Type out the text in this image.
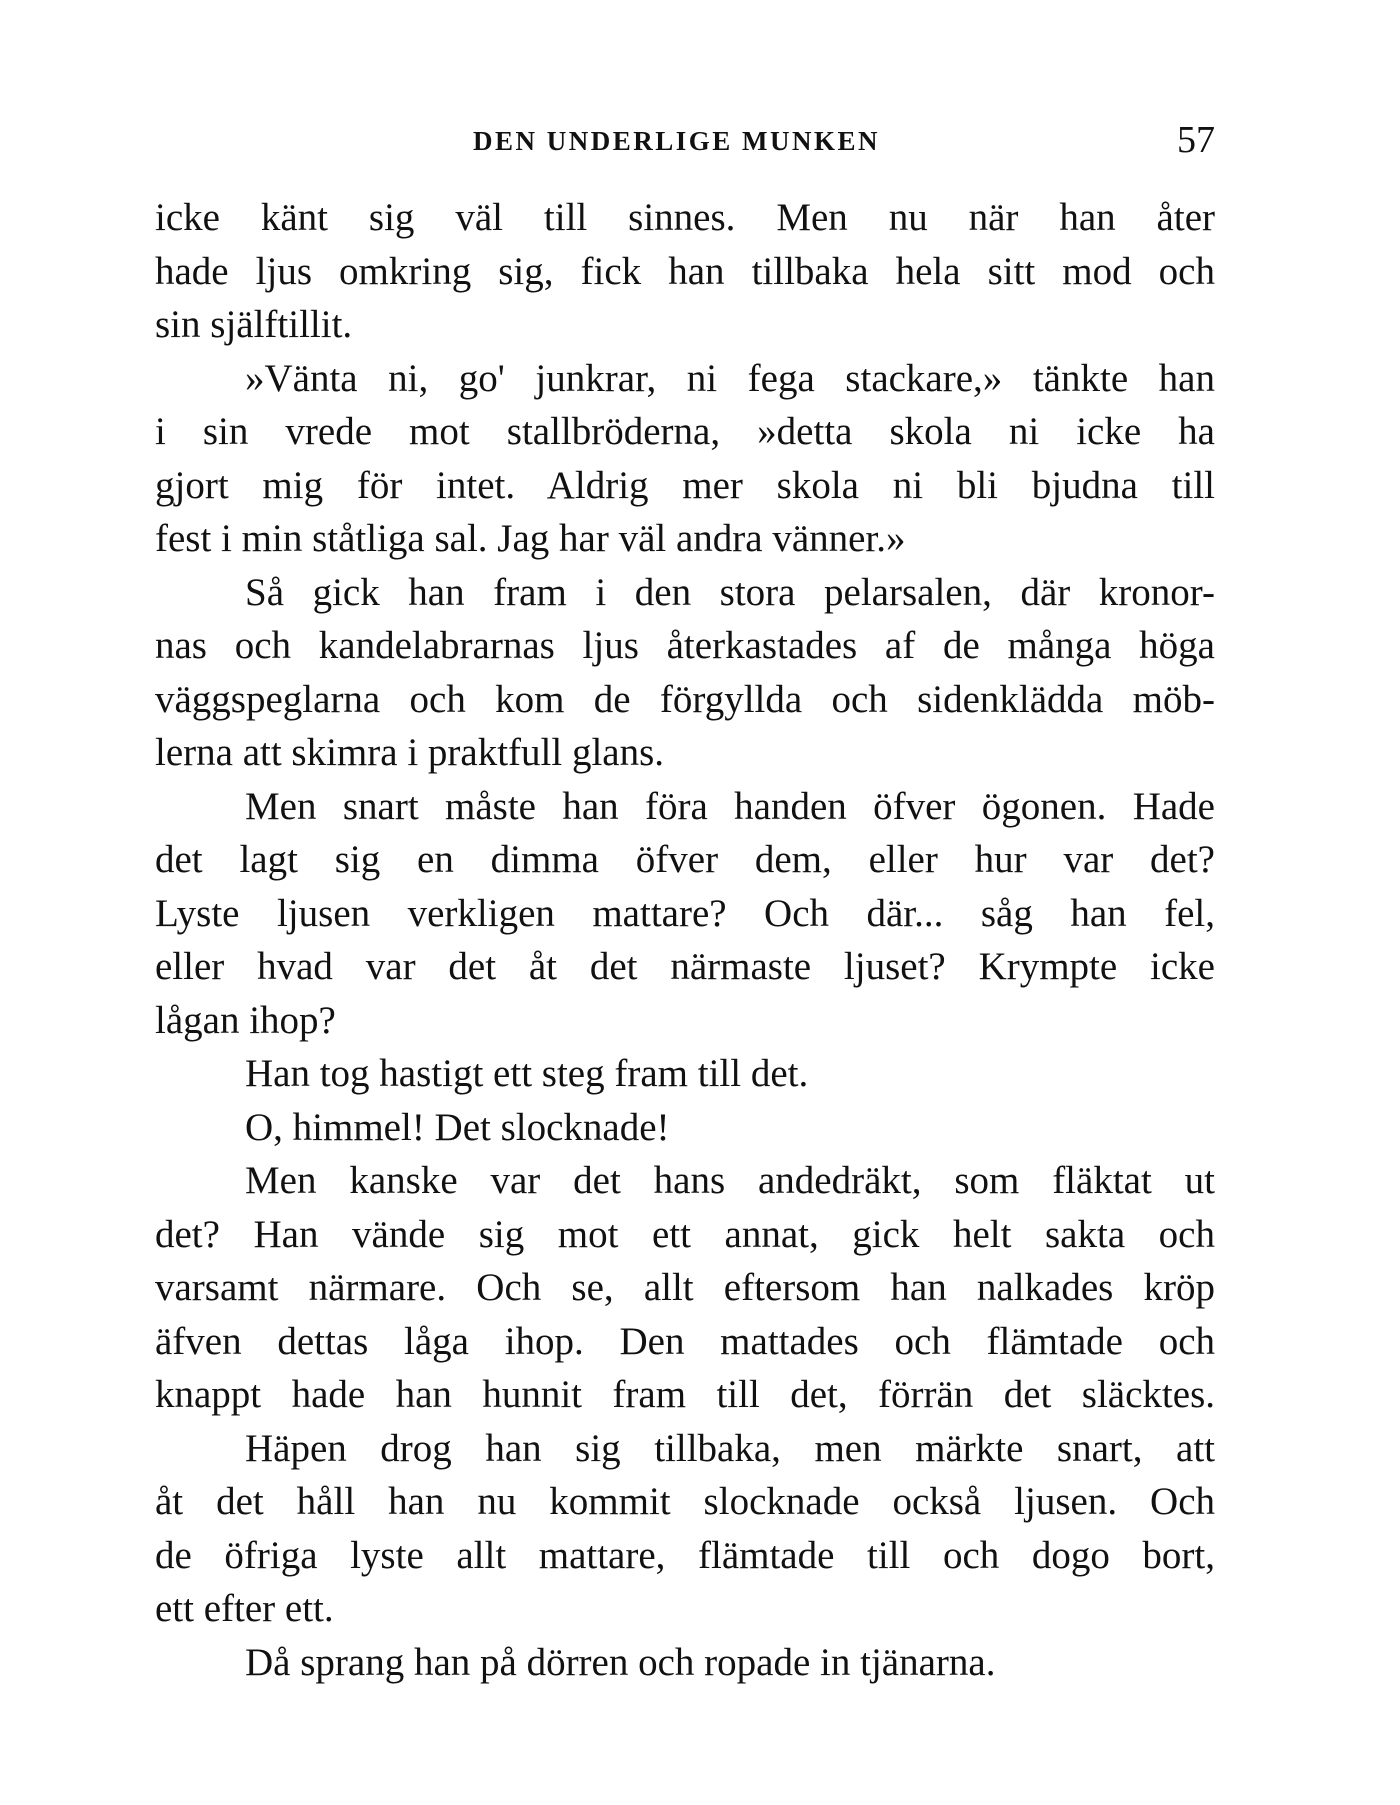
DEN UNDERLIGE MUNKEN	57

icke känt sig väl till sinnes. Men nu när han åter
hade ljus omkring sig, fick han tillbaka hela sitt mod och
sin själftillit.

»Vänta ni, go' junkrar, ni fega stackare,» tänkte han
i sin vrede mot stallbröderna, »detta skola ni icke ha
gjort mig för intet. Aldrig mer skola ni bli bjudna till
fest i min ståtliga sal. Jag har väl andra vänner.»

Så gick han fram i den stora pelarsalen, där kronor-
nas och kandelabrarnas ljus återkastades af de många höga
väggspeglarna och kom de förgyllda och sidenklädda möb-
lerna att skimra i praktfull glans.

Men snart måste han föra handen öfver ögonen. Hade
det lagt sig en dimma öfver dem, eller hur var det?
Lyste ljusen verkligen mattare? Och där... såg han fel,
eller hvad var det åt det närmaste ljuset? Krympte icke
lågan ihop?

Han tog hastigt ett steg fram till det.

O, himmel! Det slocknade!

Men kanske var det hans andedräkt, som fläktat ut
det? Han vände sig mot ett annat, gick helt sakta och
varsamt närmare. Och se, allt eftersom han nalkades kröp
äfven dettas låga ihop. Den mattades och flämtade och
knappt hade han hunnit fram till det, förrän det släcktes.

Häpen drog han sig tillbaka, men märkte snart, att
åt det håll han nu kommit slocknade också ljusen. Och
de öfriga lyste allt mattare, flämtade till och dogo bort,
ett efter ett.

Då sprang han på dörren och ropade in tjänarna.
